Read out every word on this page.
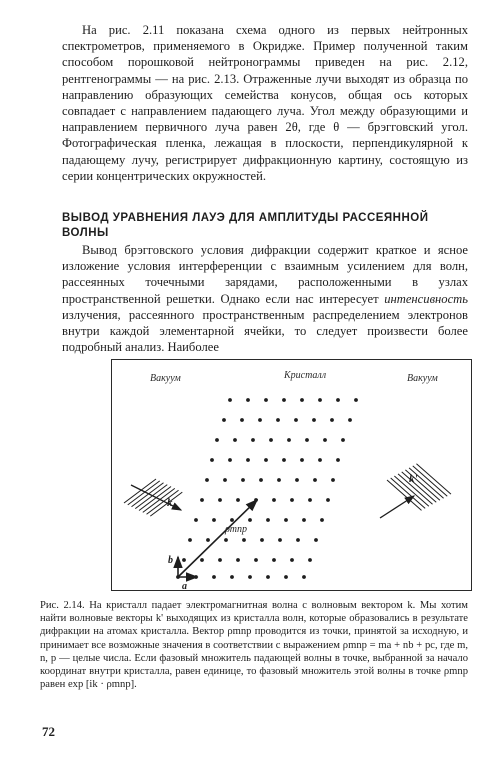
На рис. 2.11 показана схема одного из первых нейтронных спектрометров, применяемого в Окридже. Пример полученной таким способом порошковой нейтронограммы приведен на рис. 2.12, рентгенограммы — на рис. 2.13. Отраженные лучи выходят из образца по направлению образующих семейства конусов, общая ось которых совпадает с направлением падающего луча. Угол между образующими и направлением первичного луча равен 2θ, где θ — брэгговский угол. Фотографическая пленка, лежащая в плоскости, перпендикулярной к падающему лучу, регистрирует дифракционную картину, состоящую из серии концентрических окружностей.

ВЫВОД УРАВНЕНИЯ ЛАУЭ ДЛЯ АМПЛИТУДЫ РАССЕЯННОЙ ВОЛНЫ

Вывод брэгговского условия дифракции содержит краткое и ясное изложение условия интерференции с взаимным усилением для волн, рассеянных точечными зарядами, расположенными в узлах пространственной решетки. Однако если нас интересует интенсивность излучения, рассеянного пространственным распределением электронов внутри каждой элементарной ячейки, то следует произвести более подробный анализ. Наиболее

Вакуум	Кристалл	Вакуум
k
k'
ρmnp
b
a

Рис. 2.14. На кристалл падает электромагнитная волна с волновым вектором k. Мы хотим найти волновые векторы k' выходящих из кристалла волн, которые образовались в результате дифракции на атомах кристалла. Вектор ρmnp проводится из точки, принятой за исходную, и принимает все возможные значения в соответствии с выражением ρmnp = ma + nb + pc, где m, n, p — целые числа. Если фазовый множитель падающей волны в точке, выбранной за начало координат внутри кристалла, равен единице, то фазовый множитель этой волны в точке ρmnp равен exp [ik · ρmnp].

72
